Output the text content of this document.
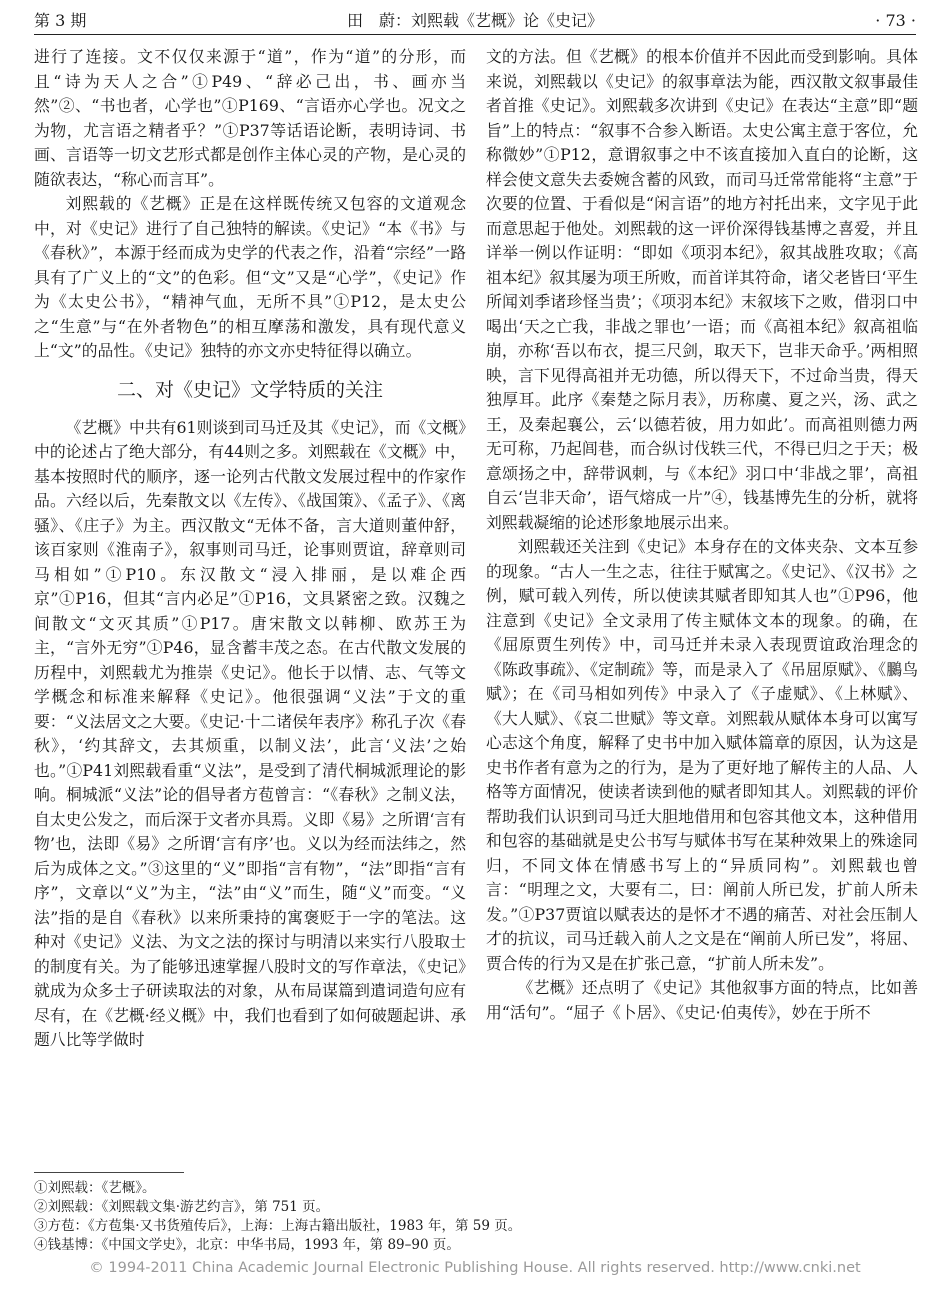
第 3 期	田　蔚：刘熙载《艺概》论《史记》	· 73 ·

进行了连接。文不仅仅来源于“道”，作为“道”的分形，而且“诗为天人之合”①P49、“辞必己出，书、画亦当然”②、“书也者，心学也”①P169、“言语亦心学也。况文之为物，尤言语之精者乎？”①P37等话语论断，表明诗词、书画、言语等一切文艺形式都是创作主体心灵的产物，是心灵的随欲表达，“称心而言耳”。

刘熙载的《艺概》正是在这样既传统又包容的文道观念中，对《史记》进行了自己独特的解读。《史记》“本《书》与《春秋》”，本源于经而成为史学的代表之作，沿着“宗经”一路具有了广义上的“文”的色彩。但“文”又是“心学”，《史记》作为《太史公书》，“精神气血，无所不具”①P12，是太史公之“生意”与“在外者物色”的相互摩荡和激发，具有现代意义上“文”的品性。《史记》独特的亦文亦史特征得以确立。

二、对《史记》文学特质的关注

《艺概》中共有61则谈到司马迁及其《史记》，而《文概》中的论述占了绝大部分，有44则之多。刘熙载在《文概》中，基本按照时代的顺序，逐一论列古代散文发展过程中的作家作品。六经以后，先秦散文以《左传》、《战国策》、《孟子》、《离骚》、《庄子》为主。西汉散文“无体不备，言大道则董仲舒，该百家则《淮南子》，叙事则司马迁，论事则贾谊，辞章则司马相如”①P10。东汉散文“浸入排丽，是以难企西京”①P16，但其“言内必足”①P16，文具紧密之致。汉魏之间散文“文灭其质”①P17。唐宋散文以韩柳、欧苏王为主，“言外无穷”①P46，显含蓄丰茂之态。在古代散文发展的历程中，刘熙载尤为推崇《史记》。他长于以情、志、气等文学概念和标准来解释《史记》。他很强调“义法”于文的重要：“义法居文之大要。《史记·十二诸侯年表序》称孔子次《春秋》，‘约其辞文，去其烦重，以制义法’，此言‘义法’之始也。”①P41刘熙载看重“义法”，是受到了清代桐城派理论的影响。桐城派“义法”论的倡导者方苞曾言：“《春秋》之制义法，自太史公发之，而后深于文者亦具焉。义即《易》之所谓‘言有物’也，法即《易》之所谓‘言有序’也。义以为经而法纬之，然后为成体之文。”③这里的“义”即指“言有物”，“法”即指“言有序”，文章以“义”为主，“法”由“义”而生，随“义”而变。“义法”指的是自《春秋》以来所秉持的寓褒贬于一字的笔法。这种对《史记》义法、为文之法的探讨与明清以来实行八股取士的制度有关。为了能够迅速掌握八股时文的写作章法，《史记》就成为众多士子研读取法的对象，从布局谋篇到遣词造句应有尽有，在《艺概·经义概》中，我们也看到了如何破题起讲、承题八比等学做时

文的方法。但《艺概》的根本价值并不因此而受到影响。具体来说，刘熙载以《史记》的叙事章法为能，西汉散文叙事最佳者首推《史记》。刘熙载多次讲到《史记》在表达“主意”即“题旨”上的特点：“叙事不合参入断语。太史公寓主意于客位，允称微妙”①P12，意谓叙事之中不该直接加入直白的论断，这样会使文意失去委婉含蓄的风致，而司马迁常常能将“主意”于次要的位置、于看似是“闲言语”的地方衬托出来，文字见于此而意思起于他处。刘熙载的这一评价深得钱基博之喜爱，并且详举一例以作证明：“即如《项羽本纪》，叙其战胜攻取；《高祖本纪》叙其屡为项王所败，而首详其符命，诸父老皆曰‘平生所闻刘季诸珍怪当贵’；《项羽本纪》末叙垓下之败，借羽口中喝出‘天之亡我，非战之罪也’一语；而《高祖本纪》叙高祖临崩，亦称‘吾以布衣，提三尺剑，取天下，岂非天命乎。’两相照映，言下见得高祖并无功德，所以得天下，不过命当贵，得天独厚耳。此序《秦楚之际月表》，历称虞、夏之兴，汤、武之王，及秦起襄公，云‘以德若彼，用力如此’。而高祖则德力两无可称，乃起闾巷，而合纵讨伐轶三代，不得已归之于天；极意颂扬之中，辞带讽刺，与《本纪》羽口中‘非战之罪’，高祖自云‘岂非天命’，语气熔成一片”④，钱基博先生的分析，就将刘熙载凝缩的论述形象地展示出来。

刘熙载还关注到《史记》本身存在的文体夹杂、文本互参的现象。“古人一生之志，往往于赋寓之。《史记》、《汉书》之例，赋可载入列传，所以使读其赋者即知其人也”①P96，他注意到《史记》全文录用了传主赋体文本的现象。的确，在《屈原贾生列传》中，司马迁并未录入表现贾谊政治理念的《陈政事疏》、《定制疏》等，而是录入了《吊屈原赋》、《鵩鸟赋》；在《司马相如列传》中录入了《子虚赋》、《上林赋》、《大人赋》、《哀二世赋》等文章。刘熙载从赋体本身可以寓写心志这个角度，解释了史书中加入赋体篇章的原因，认为这是史书作者有意为之的行为，是为了更好地了解传主的人品、人格等方面情况，使读者读到他的赋者即知其人。刘熙载的评价帮助我们认识到司马迁大胆地借用和包容其他文本，这种借用和包容的基础就是史公书写与赋体书写在某种效果上的殊途同归，不同文体在情感书写上的“异质同构”。刘熙载也曾言：“明理之文，大要有二，曰：阐前人所已发，扩前人所未发。”①P37贾谊以赋表达的是怀才不遇的痛苦、对社会压制人才的抗议，司马迁载入前人之文是在“阐前人所已发”，将屈、贾合传的行为又是在扩张己意，“扩前人所未发”。

《艺概》还点明了《史记》其他叙事方面的特点，比如善用“活句”。“屈子《卜居》、《史记·伯夷传》，妙在于所不

①刘熙载：《艺概》。
②刘熙载：《刘熙载文集·游艺约言》，第 751 页。
③方苞：《方苞集·又书货殖传后》，上海：上海古籍出版社，1983 年，第 59 页。
④钱基博：《中国文学史》，北京：中华书局，1993 年，第 89–90 页。
© 1994-2011 China Academic Journal Electronic Publishing House. All rights reserved. http://www.cnki.net
